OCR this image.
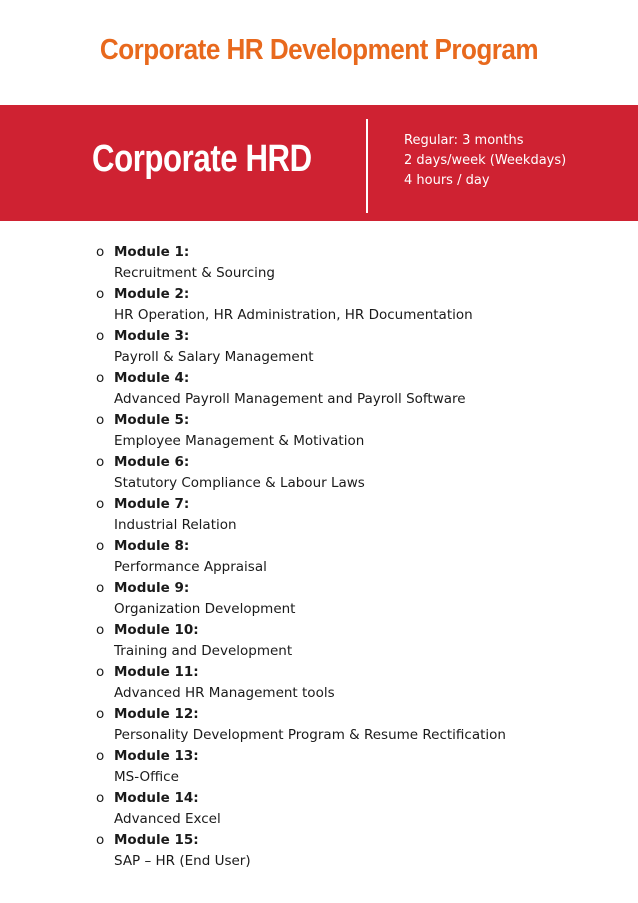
Corporate HR Development Program
Corporate HRD	Regular: 3 months
2 days/week (Weekdays)
4 hours / day
o Module 1:
Recruitment & Sourcing
o Module 2:
HR Operation, HR Administration, HR Documentation
o Module 3:
Payroll & Salary Management
o Module 4:
Advanced Payroll Management and Payroll Software
o Module 5:
Employee Management & Motivation
o Module 6:
Statutory Compliance & Labour Laws
o Module 7:
Industrial Relation
o Module 8:
Performance Appraisal
o Module 9:
Organization Development
o Module 10:
Training and Development
o Module 11:
Advanced HR Management tools
o Module 12:
Personality Development Program & Resume Rectification
o Module 13:
MS-Office
o Module 14:
Advanced Excel
o Module 15:
SAP – HR (End User)
